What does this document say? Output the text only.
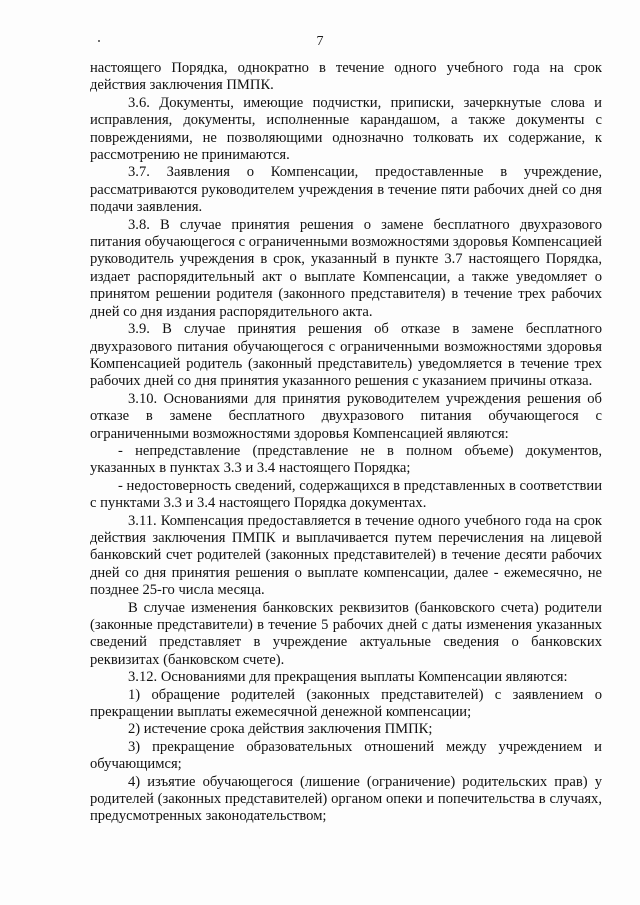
7

настоящего Порядка, однократно в течение одного учебного года на срок действия заключения ПМПК.

3.6. Документы, имеющие подчистки, приписки, зачеркнутые слова и исправления, документы, исполненные карандашом, а также документы с повреждениями, не позволяющими однозначно толковать их содержание, к рассмотрению не принимаются.

3.7. Заявления о Компенсации, предоставленные в учреждение, рассматриваются руководителем учреждения в течение пяти рабочих дней со дня подачи заявления.

3.8. В случае принятия решения о замене бесплатного двухразового питания обучающегося с ограниченными возможностями здоровья Компенсацией руководитель учреждения в срок, указанный в пункте 3.7 настоящего Порядка, издает распорядительный акт о выплате Компенсации, а также уведомляет о принятом решении родителя (законного представителя) в течение трех рабочих дней со дня издания распорядительного акта.

3.9. В случае принятия решения об отказе в замене бесплатного двухразового питания обучающегося с ограниченными возможностями здоровья Компенсацией родитель (законный представитель) уведомляется в течение трех рабочих дней со дня принятия указанного решения с указанием причины отказа.

3.10. Основаниями для принятия руководителем учреждения решения об отказе в замене бесплатного двухразового питания обучающегося с ограниченными возможностями здоровья Компенсацией являются:

- непредставление (представление не в полном объеме) документов, указанных в пунктах 3.3 и 3.4 настоящего Порядка;

- недостоверность сведений, содержащихся в представленных в соответствии с пунктами 3.3 и 3.4 настоящего Порядка документах.

3.11. Компенсация предоставляется в течение одного учебного года на срок действия заключения ПМПК и выплачивается путем перечисления на лицевой банковский счет родителей (законных представителей) в течение десяти рабочих дней со дня принятия решения о выплате компенсации, далее - ежемесячно, не позднее 25-го числа месяца.

В случае изменения банковских реквизитов (банковского счета) родители (законные представители) в течение 5 рабочих дней с даты изменения указанных сведений представляет в учреждение актуальные сведения о банковских реквизитах (банковском счете).

3.12. Основаниями для прекращения выплаты Компенсации являются:

1) обращение родителей (законных представителей) с заявлением о прекращении выплаты ежемесячной денежной компенсации;

2) истечение срока действия заключения ПМПК;

3) прекращение образовательных отношений между учреждением и обучающимся;

4) изъятие обучающегося (лишение (ограничение) родительских прав) у родителей (законных представителей) органом опеки и попечительства в случаях, предусмотренных законодательством;
